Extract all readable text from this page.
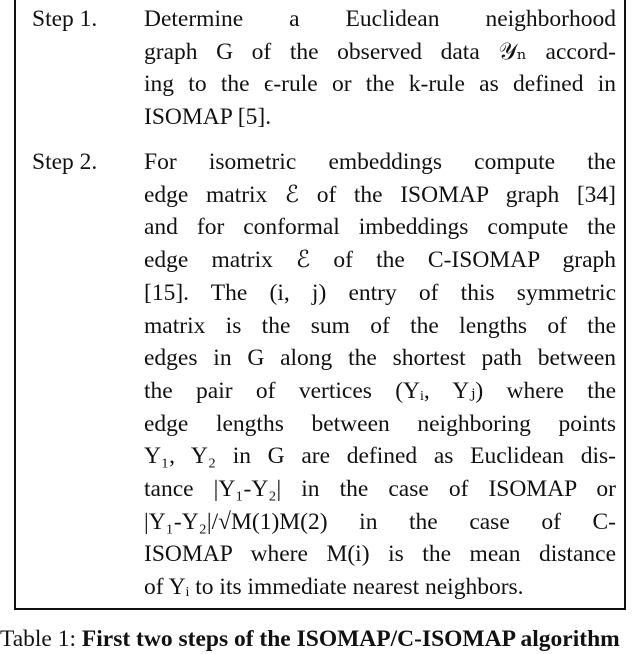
Step 1.	Determine a Euclidean neighborhood
graph G of the observed data 𝒴ₙ accord-
ing to the ϵ-rule or the k-rule as defined in
ISOMAP [5].
Step 2.	For isometric embeddings compute the
edge matrix ℰ of the ISOMAP graph [34]
and for conformal imbeddings compute the
edge matrix ℰ of the C-ISOMAP graph
[15]. The (i, j) entry of this symmetric
matrix is the sum of the lengths of the
edges in G along the shortest path between
the pair of vertices (Yᵢ, Yⱼ) where the
edge lengths between neighboring points
Y₁, Y₂ in G are defined as Euclidean dis-
tance |Y₁-Y₂| in the case of ISOMAP or
|Y₁-Y₂|/√M(1)M(2) in the case of C-
ISOMAP where M(i) is the mean distance
of Yᵢ to its immediate nearest neighbors.
Table 1: First two steps of the ISOMAP/C-ISOMAP algorithm
